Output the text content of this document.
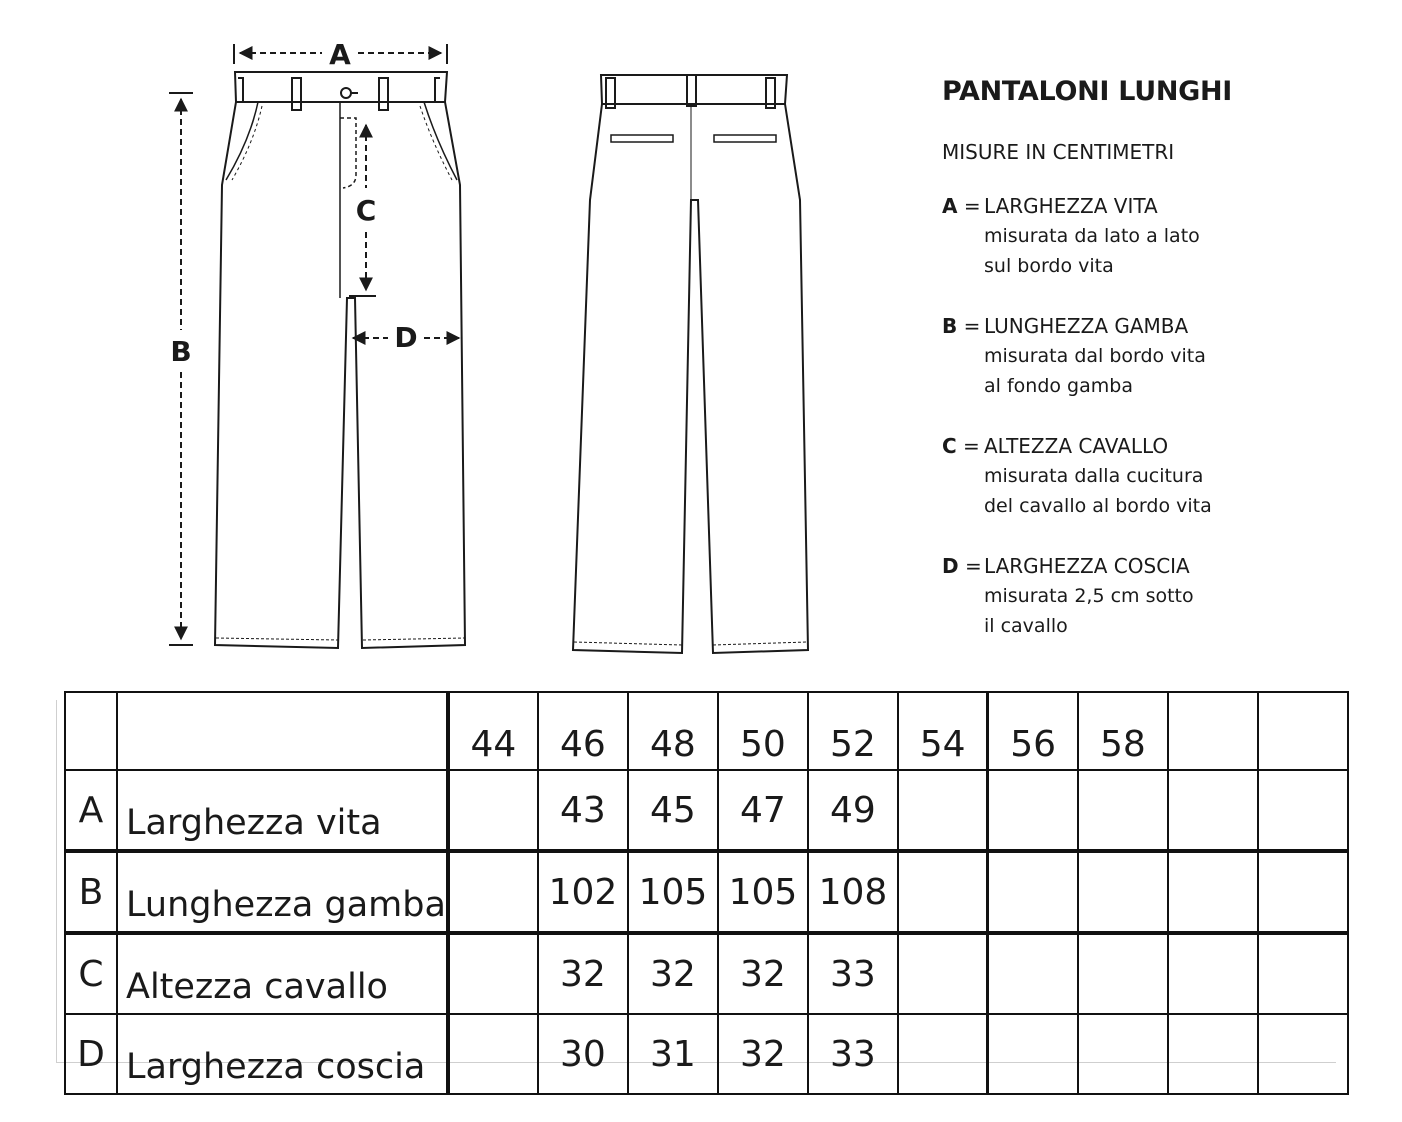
A
B
C
D
PANTALONI LUNGHI
MISURE IN CENTIMETRI
A = LARGHEZZA VITA
misurata da lato a lato
sul bordo vita
B = LUNGHEZZA GAMBA
misurata dal bordo vita
al fondo gamba
C = ALTEZZA CAVALLO
misurata dalla cucitura
del cavallo al bordo vita
D = LARGHEZZA COSCIA
misurata 2,5 cm sotto
il cavallo
		44	46	48	50	52	54	56	58		
A	Larghezza vita		43	45	47	49					
B	Lunghezza gamba		102	105	105	108					
C	Altezza cavallo		32	32	32	33					
D	Larghezza coscia		30	31	32	33					
